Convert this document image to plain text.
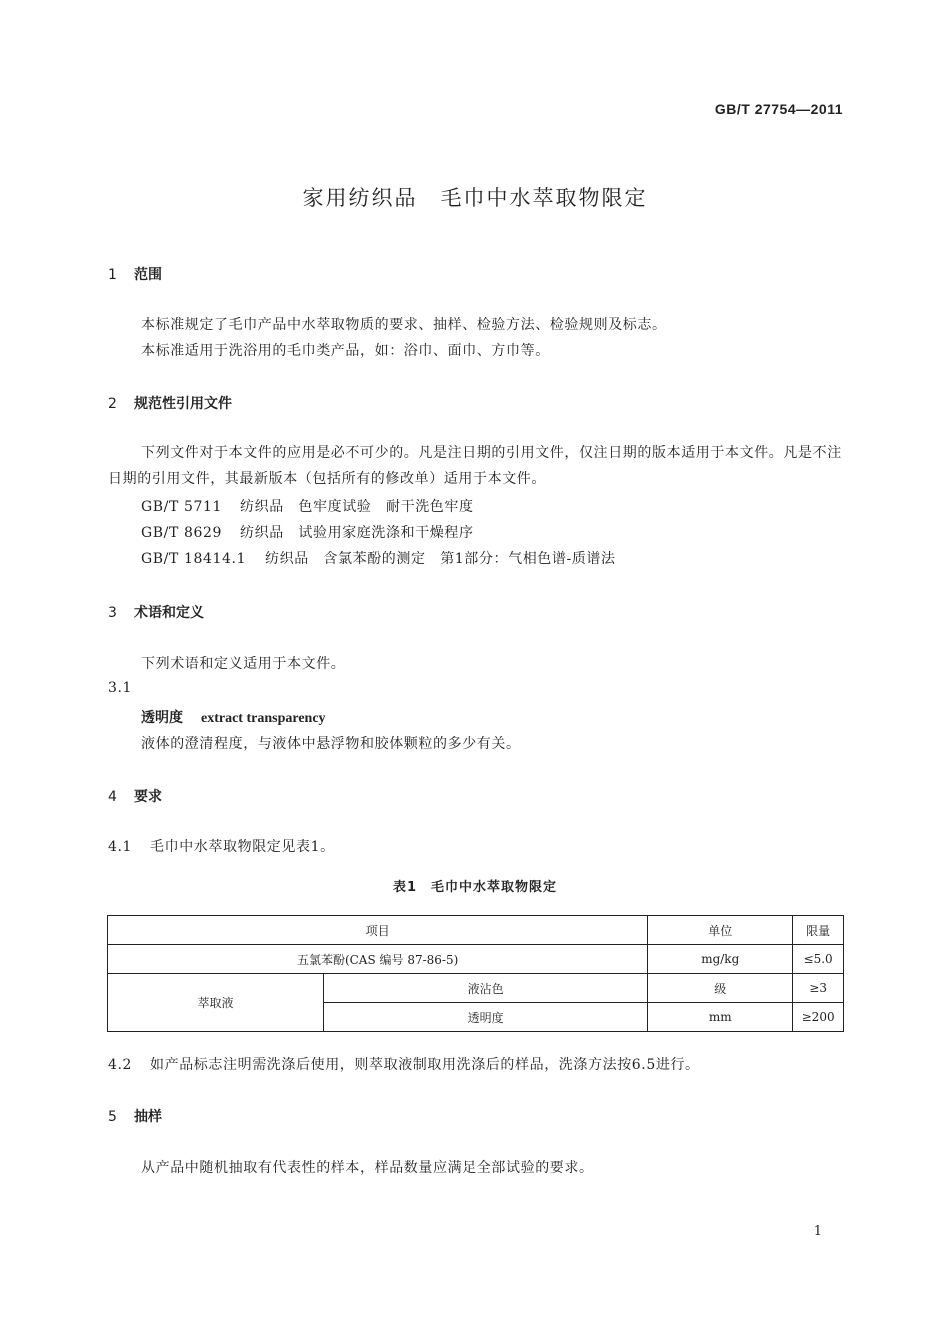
GB/T 27754—2011
家用纺织品　毛巾中水萃取物限定
1 范围
本标准规定了毛巾产品中水萃取物质的要求、抽样、检验方法、检验规则及标志。
本标准适用于洗浴用的毛巾类产品，如：浴巾、面巾、方巾等。
2 规范性引用文件
下列文件对于本文件的应用是必不可少的。凡是注日期的引用文件，仅注日期的版本适用于本文件。凡是不注日期的引用文件，其最新版本（包括所有的修改单）适用于本文件。
GB/T 5711 纺织品　色牢度试验　耐干洗色牢度
GB/T 8629 纺织品　试验用家庭洗涤和干燥程序
GB/T 18414.1 纺织品　含氯苯酚的测定　第1部分：气相色谱-质谱法
3 术语和定义
下列术语和定义适用于本文件。
3.1
透明度 extract transparency
液体的澄清程度，与液体中悬浮物和胶体颗粒的多少有关。
4 要求
4.1 毛巾中水萃取物限定见表1。
表1　毛巾中水萃取物限定
项目		单位	限量
五氯苯酚(CAS 编号 87-86-5)		mg/kg	≤5.0
萃取液	液沾色	级	≥3
	透明度	mm	≥200
4.2 如产品标志注明需洗涤后使用，则萃取液制取用洗涤后的样品，洗涤方法按6.5进行。
5 抽样
从产品中随机抽取有代表性的样本，样品数量应满足全部试验的要求。
1
